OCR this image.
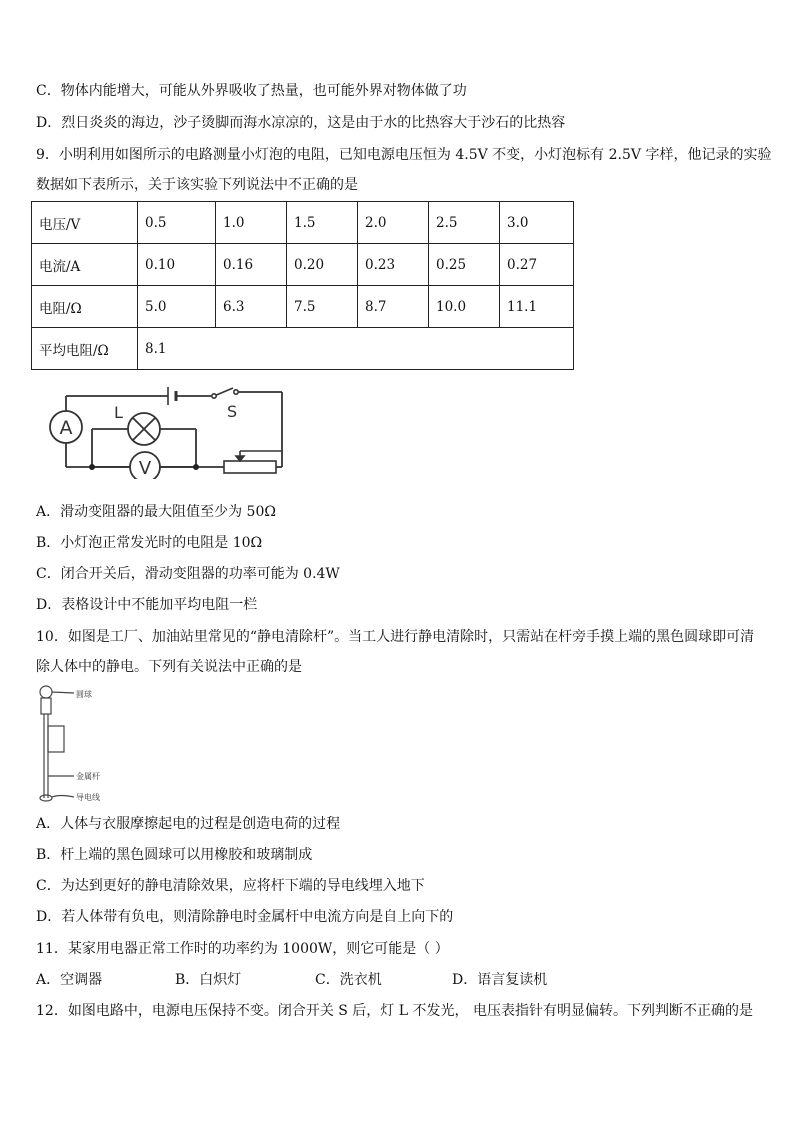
C．物体内能增大，可能从外界吸收了热量，也可能外界对物体做了功
D．烈日炎炎的海边，沙子烫脚而海水凉凉的，这是由于水的比热容大于沙石的比热容
9．小明利用如图所示的电路测量小灯泡的电阻，已知电源电压恒为 4.5V 不变，小灯泡标有 2.5V 字样，他记录的实验
数据如下表所示，关于该实验下列说法中不正确的是
电压/V	0.5	1.0	1.5	2.0	2.5	3.0
电流/A	0.10	0.16	0.20	0.23	0.25	0.27
电阻/Ω	5.0	6.3	7.5	8.7	10.0	11.1
平均电阻/Ω	8.1					
S
A
L
V
A．滑动变阻器的最大阻值至少为 50Ω
B．小灯泡正常发光时的电阻是 10Ω
C．闭合开关后，滑动变阻器的功率可能为 0.4W
D．表格设计中不能加平均电阻一栏
10．如图是工厂、加油站里常见的“静电清除杆”。当工人进行静电清除时，只需站在杆旁手摸上端的黑色圆球即可清
除人体中的静电。下列有关说法中正确的是
圆球
金属杆
导电线
A．人体与衣服摩擦起电的过程是创造电荷的过程
B．杆上端的黑色圆球可以用橡胶和玻璃制成
C．为达到更好的静电清除效果，应将杆下端的导电线埋入地下
D．若人体带有负电，则清除静电时金属杆中电流方向是自上向下的
11．某家用电器正常工作时的功率约为 1000W，则它可能是（ ）
A．空调器	B．白炽灯	C．洗衣机	D．语言复读机
12．如图电路中，电源电压保持不变。闭合开关 S 后，灯 L 不发光， 电压表指针有明显偏转。下列判断不正确的是
